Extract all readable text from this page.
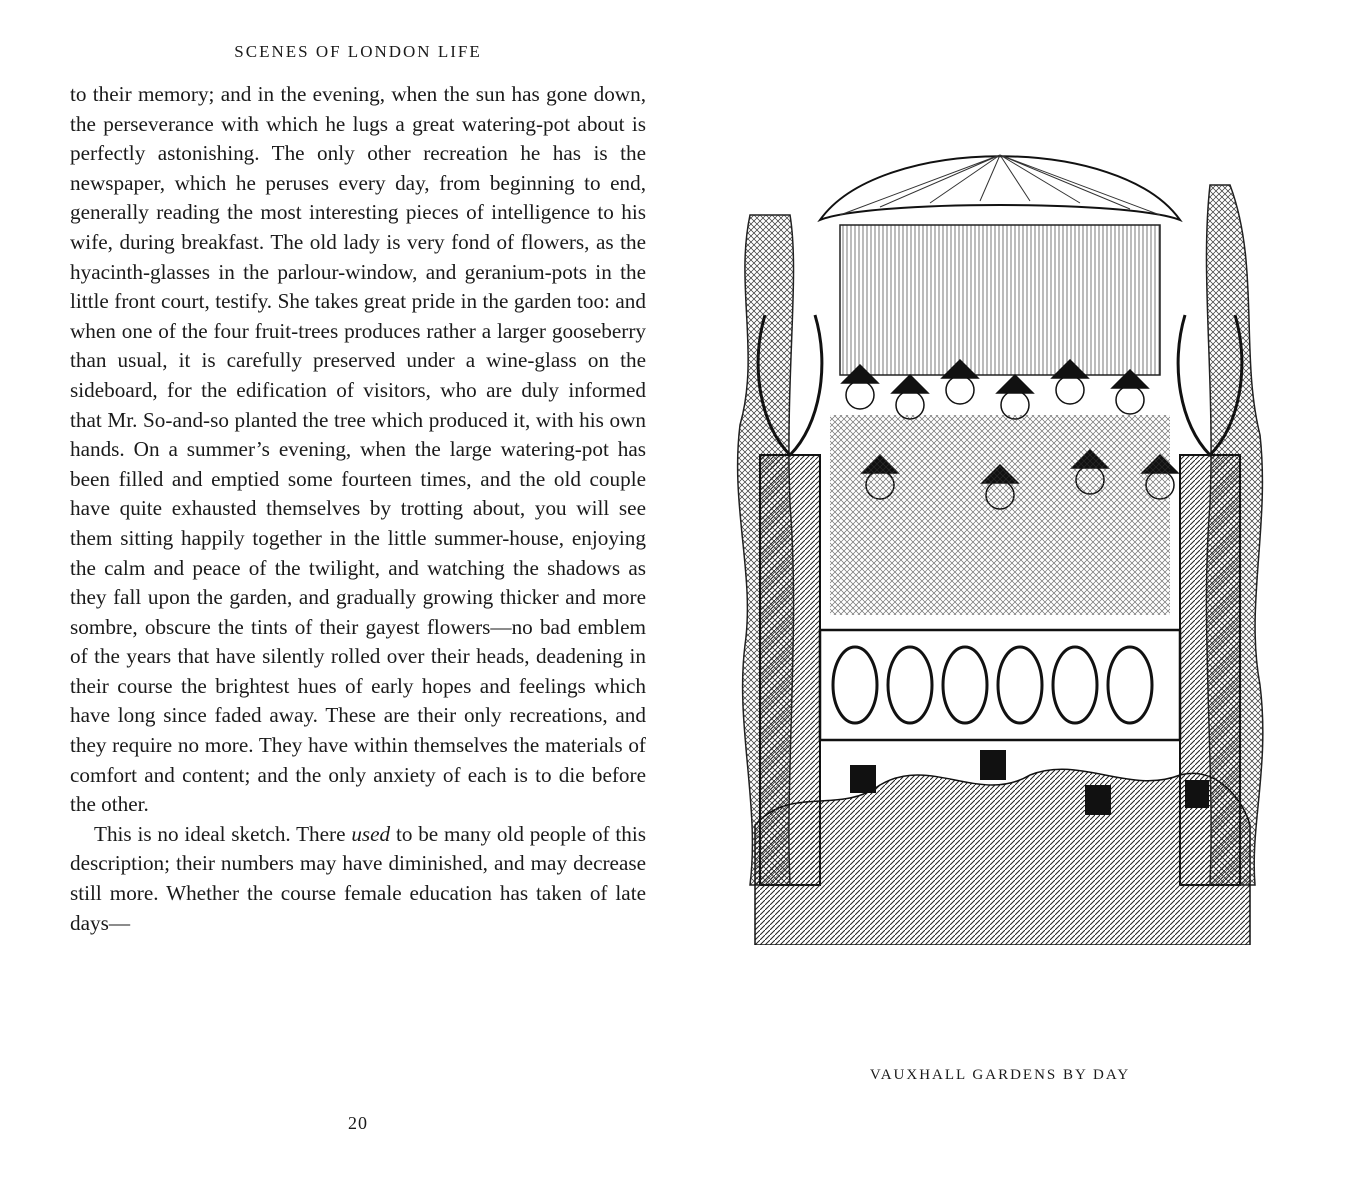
SCENES OF LONDON LIFE

to their memory; and in the evening, when the sun has gone down, the perseverance with which he lugs a great watering-pot about is perfectly astonishing. The only other recreation he has is the newspaper, which he peruses every day, from beginning to end, generally reading the most interesting pieces of intelligence to his wife, during breakfast. The old lady is very fond of flowers, as the hyacinth-glasses in the parlour-window, and geranium-pots in the little front court, testify. She takes great pride in the garden too: and when one of the four fruit-trees produces rather a larger gooseberry than usual, it is carefully preserved under a wine-glass on the sideboard, for the edification of visitors, who are duly informed that Mr. So-and-so planted the tree which produced it, with his own hands. On a summer’s evening, when the large watering-pot has been filled and emptied some fourteen times, and the old couple have quite exhausted themselves by trotting about, you will see them sitting happily together in the little summer-house, enjoying the calm and peace of the twilight, and watching the shadows as they fall upon the garden, and gradually growing thicker and more sombre, obscure the tints of their gayest flowers—no bad emblem of the years that have silently rolled over their heads, deadening in their course the brightest hues of early hopes and feelings which have long since faded away. These are their only recreations, and they require no more. They have within themselves the materials of comfort and content; and the only anxiety of each is to die before the other.

This is no ideal sketch. There used to be many old people of this description; their numbers may have diminished, and may decrease still more. Whether the course female education has taken of late days—

20
VAUXHALL GARDENS BY DAY
